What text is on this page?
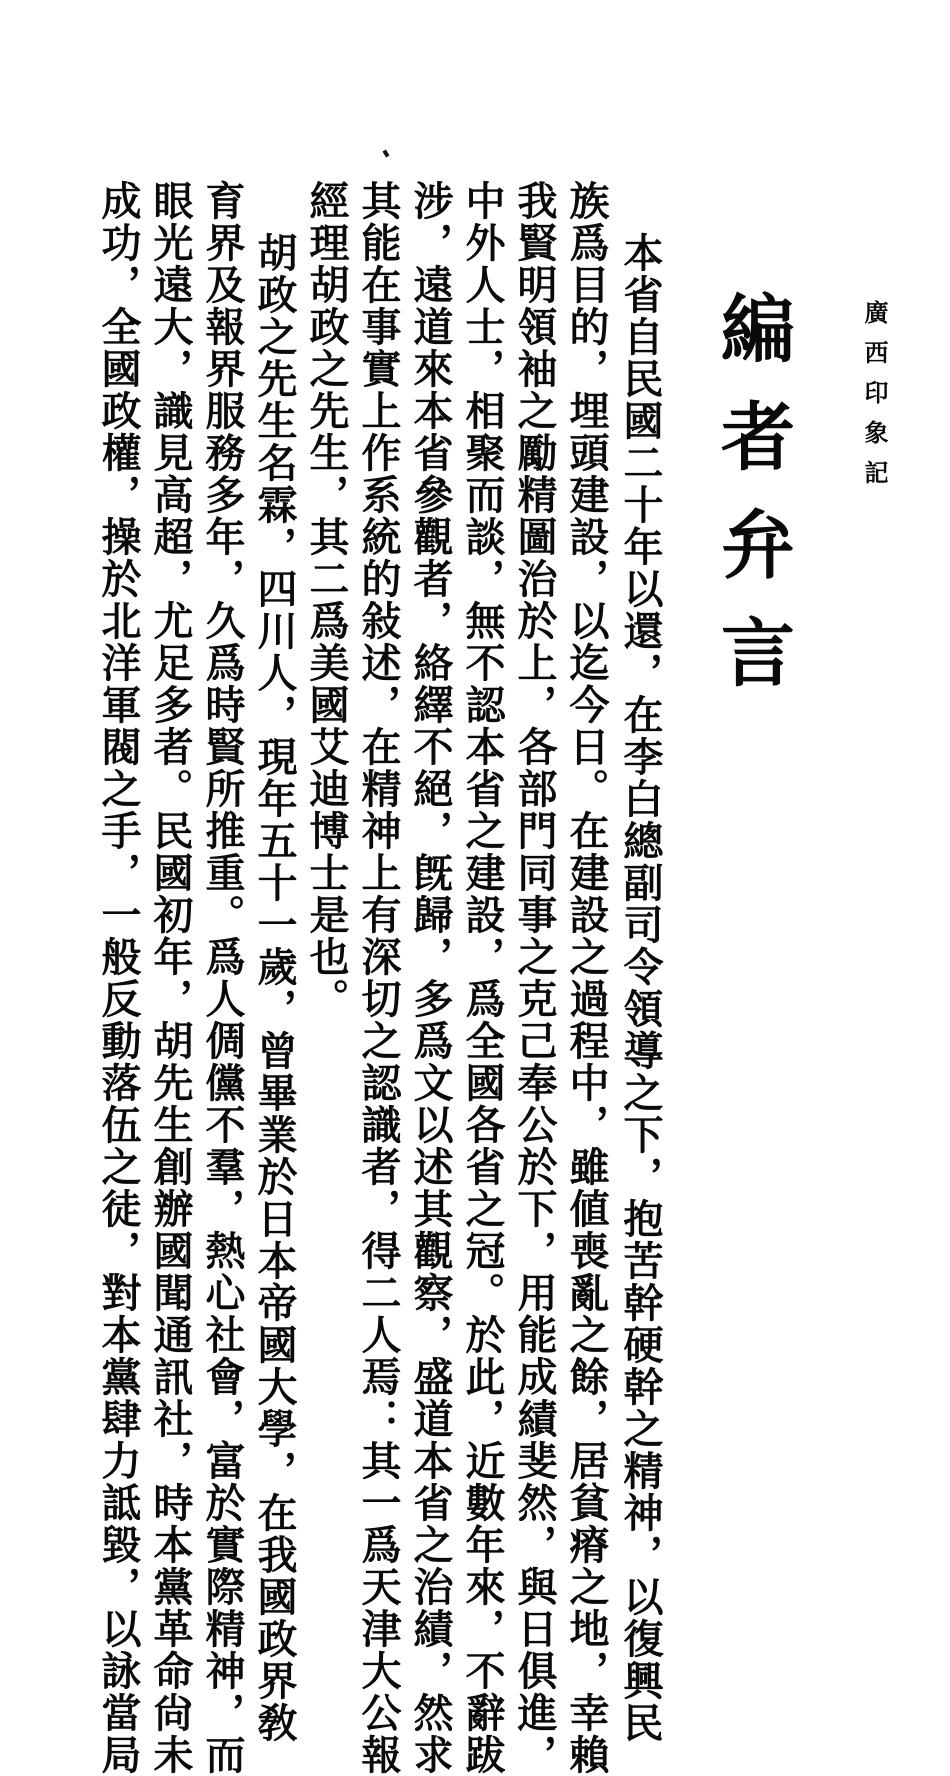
廣西印象記
編者弁言
本省自民國二十年以還，在李白總副司令領導之下，抱苦幹硬幹之精神，以復興民
族爲目的，埋頭建設，以迄今日。在建設之過程中，雖値喪亂之餘，居貧瘠之地，幸賴
我賢明領袖之勵精圖治於上，各部門同事之克己奉公於下，用能成績斐然，與日俱進，
中外人士，相聚而談，無不認本省之建設，爲全國各省之冠。於此，近數年來，不辭跋
涉，遠道來本省參觀者，絡繹不絕，旣歸，多爲文以述其觀察，盛道本省之治績，然求
其能在事實上作系統的敍述，在精神上有深切之認識者，得二人焉：其一爲天津大公報
經理胡政之先生，其二爲美國艾迪博士是也。
胡政之先生名霖，四川人，現年五十一歲，曾畢業於日本帝國大學，在我國政界敎
育界及報界服務多年，久爲時賢所推重。爲人倜儻不羣，熱心社會，富於實際精神，而
眼光遠大，識見高超，尤足多者。民國初年，胡先生創辦國聞通訊社，時本黨革命尙未
成功，全國政權，操於北洋軍閥之手，一般反動落伍之徒，對本黨肆力詆毀，以詠當局
